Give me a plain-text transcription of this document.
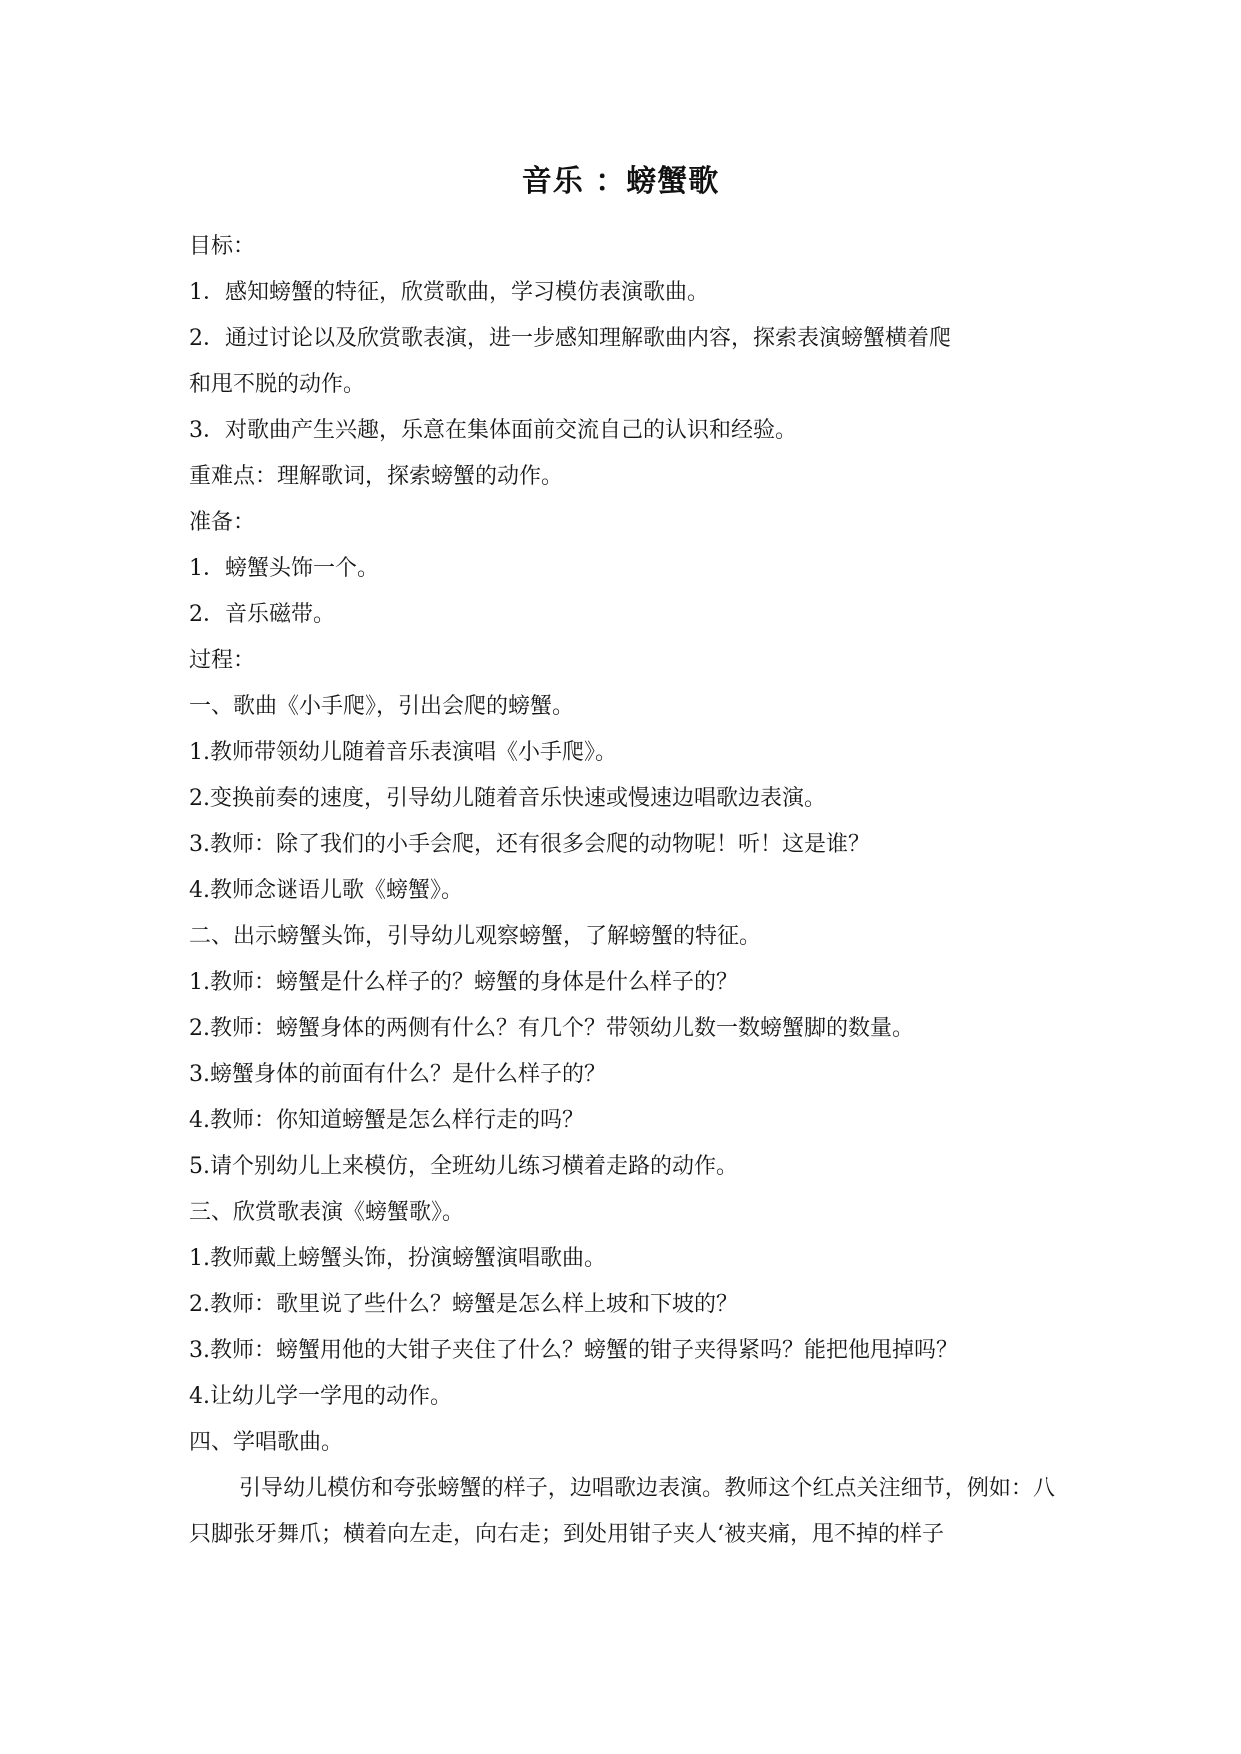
音乐 ：螃蟹歌

目标：

1．感知螃蟹的特征，欣赏歌曲，学习模仿表演歌曲。

2．通过讨论以及欣赏歌表演，进一步感知理解歌曲内容，探索表演螃蟹横着爬

和甩不脱的动作。

3．对歌曲产生兴趣，乐意在集体面前交流自己的认识和经验。

重难点：理解歌词，探索螃蟹的动作。

准备：

1．螃蟹头饰一个。

2．音乐磁带。

过程：

一、歌曲《小手爬》，引出会爬的螃蟹。

1.教师带领幼儿随着音乐表演唱《小手爬》。

2.变换前奏的速度，引导幼儿随着音乐快速或慢速边唱歌边表演。

3.教师：除了我们的小手会爬，还有很多会爬的动物呢！听！这是谁？

4.教师念谜语儿歌《螃蟹》。

二、出示螃蟹头饰，引导幼儿观察螃蟹，了解螃蟹的特征。

1.教师：螃蟹是什么样子的？螃蟹的身体是什么样子的？

2.教师：螃蟹身体的两侧有什么？有几个？带领幼儿数一数螃蟹脚的数量。

3.螃蟹身体的前面有什么？是什么样子的？

4.教师：你知道螃蟹是怎么样行走的吗？

5.请个别幼儿上来模仿，全班幼儿练习横着走路的动作。

三、欣赏歌表演《螃蟹歌》。

1.教师戴上螃蟹头饰，扮演螃蟹演唱歌曲。

2.教师：歌里说了些什么？螃蟹是怎么样上坡和下坡的？

3.教师：螃蟹用他的大钳子夹住了什么？螃蟹的钳子夹得紧吗？能把他甩掉吗？

4.让幼儿学一学甩的动作。

四、学唱歌曲。

引导幼儿模仿和夸张螃蟹的样子，边唱歌边表演。教师这个红点关注细节，例如：八只脚张牙舞爪；横着向左走，向右走；到处用钳子夹人‘被夹痛，甩不掉的样子
